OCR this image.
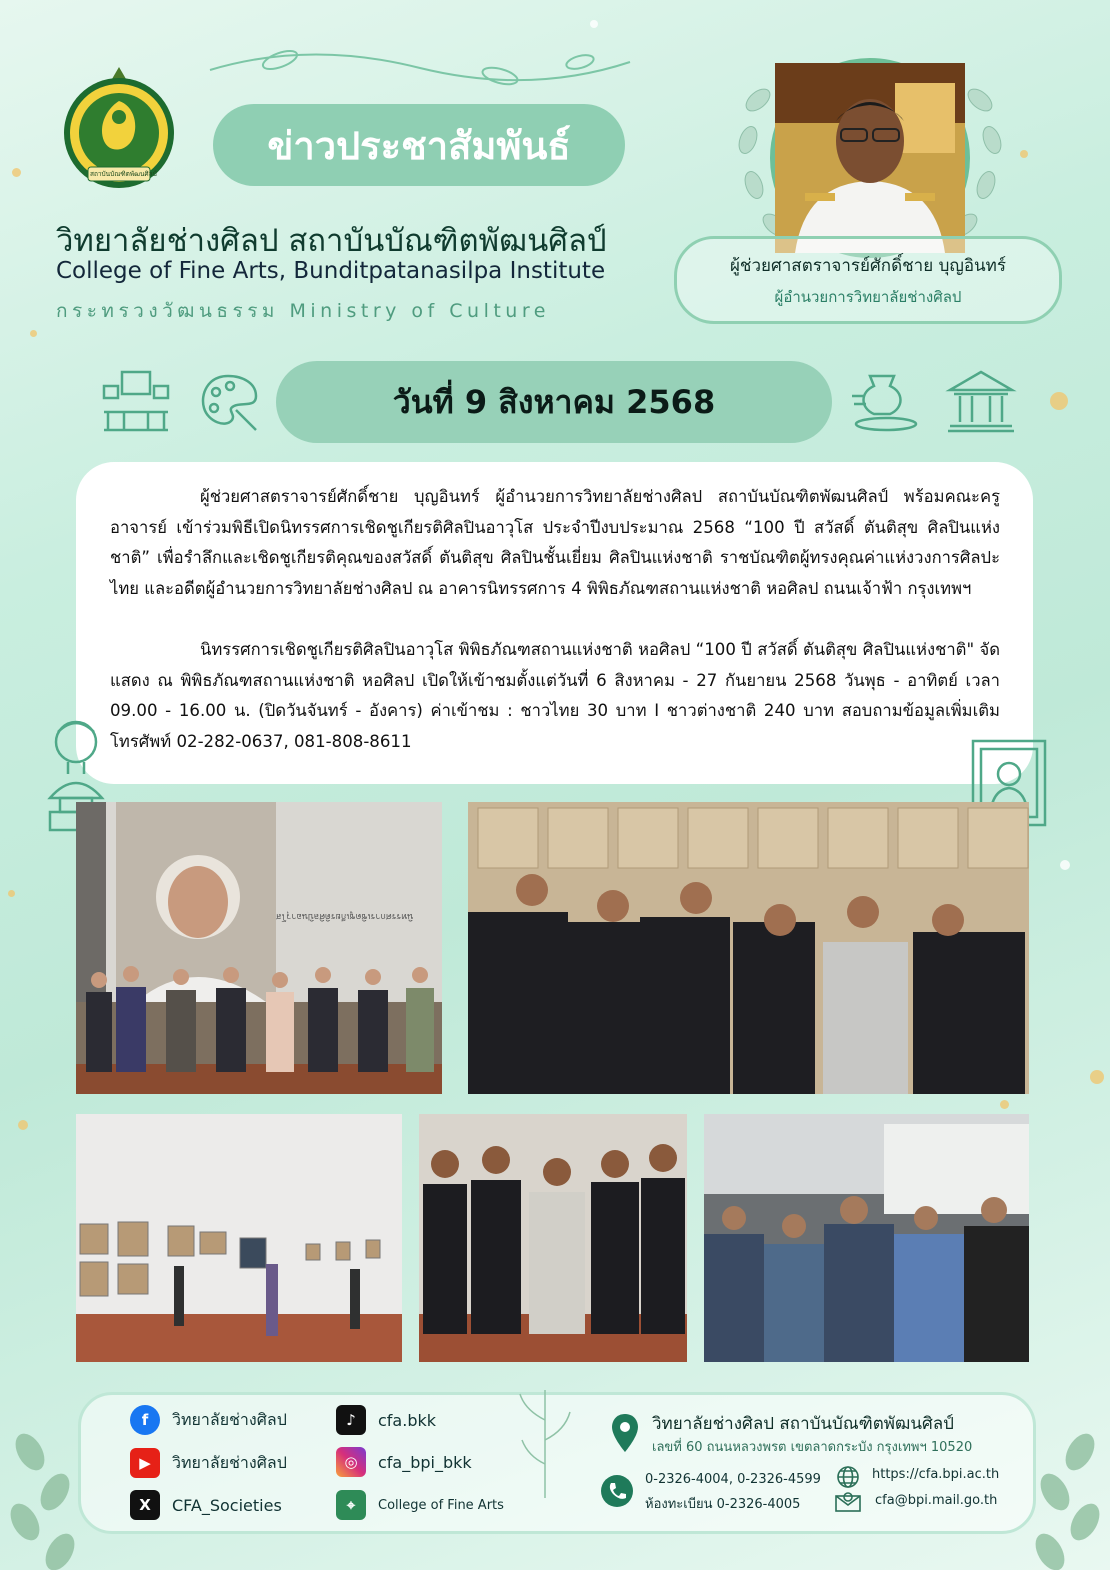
สถาบันบัณฑิตพัฒนศิลป์
ข่าวประชาสัมพันธ์
วิทยาลัยช่างศิลป สถาบันบัณฑิตพัฒนศิลป์
College of Fine Arts, Bunditpatanasilpa Institute
กระทรวงวัฒนธรรม Ministry of Culture
ผู้ช่วยศาสตราจารย์ศักดิ์ชาย บุญอินทร์
ผู้อำนวยการวิทยาลัยช่างศิลป
วันที่ 9 สิงหาคม 2568

ผู้ช่วยศาสตราจารย์ศักดิ์ชาย บุญอินทร์ ผู้อำนวยการวิทยาลัยช่างศิลป สถาบันบัณฑิตพัฒนศิลป์ พร้อมคณะครูอาจารย์ เข้าร่วมพิธีเปิดนิทรรศการเชิดชูเกียรติศิลปินอาวุโส ประจำปีงบประมาณ 2568 “100 ปี สวัสดิ์ ตันติสุข ศิลปินแห่งชาติ” เพื่อรำลึกและเชิดชูเกียรติคุณของสวัสดิ์ ตันติสุข ศิลปินชั้นเยี่ยม ศิลปินแห่งชาติ ราชบัณฑิตผู้ทรงคุณค่าแห่งวงการศิลปะไทย และอดีตผู้อำนวยการวิทยาลัยช่างศิลป ณ อาคารนิทรรศการ 4 พิพิธภัณฑสถานแห่งชาติ หอศิลป ถนนเจ้าฟ้า กรุงเทพฯ

นิทรรศการเชิดชูเกียรติศิลปินอาวุโส พิพิธภัณฑสถานแห่งชาติ หอศิลป “100 ปี สวัสดิ์ ตันติสุข ศิลปินแห่งชาติ" จัดแสดง ณ พิพิธภัณฑสถานแห่งชาติ หอศิลป เปิดให้เข้าชมตั้งแต่วันที่ 6 สิงหาคม - 27 กันยายน 2568 วันพุธ - อาทิตย์ เวลา 09.00 - 16.00 น. (ปิดวันจันทร์ - อังคาร) ค่าเข้าชม : ชาวไทย 30 บาท I ชาวต่างชาติ 240 บาท สอบถามข้อมูลเพิ่มเติม โทรศัพท์ 02-282-0637, 081-808-8611

นิทรรศการเชิดชูเกียรติศิลปินอาวุโส
f	วิทยาลัยช่างศิลป
▶	วิทยาลัยช่างศิลป
X	CFA_Societies
♪	cfa.bkk
◎	cfa_bpi_bkk
⌖	College of Fine Arts
วิทยาลัยช่างศิลป สถาบันบัณฑิตพัฒนศิลป์
เลขที่ 60 ถนนหลวงพรต เขตลาดกระบัง กรุงเทพฯ 10520
0-2326-4004, 0-2326-4599
ห้องทะเบียน 0-2326-4005
https://cfa.bpi.ac.th
cfa@bpi.mail.go.th
